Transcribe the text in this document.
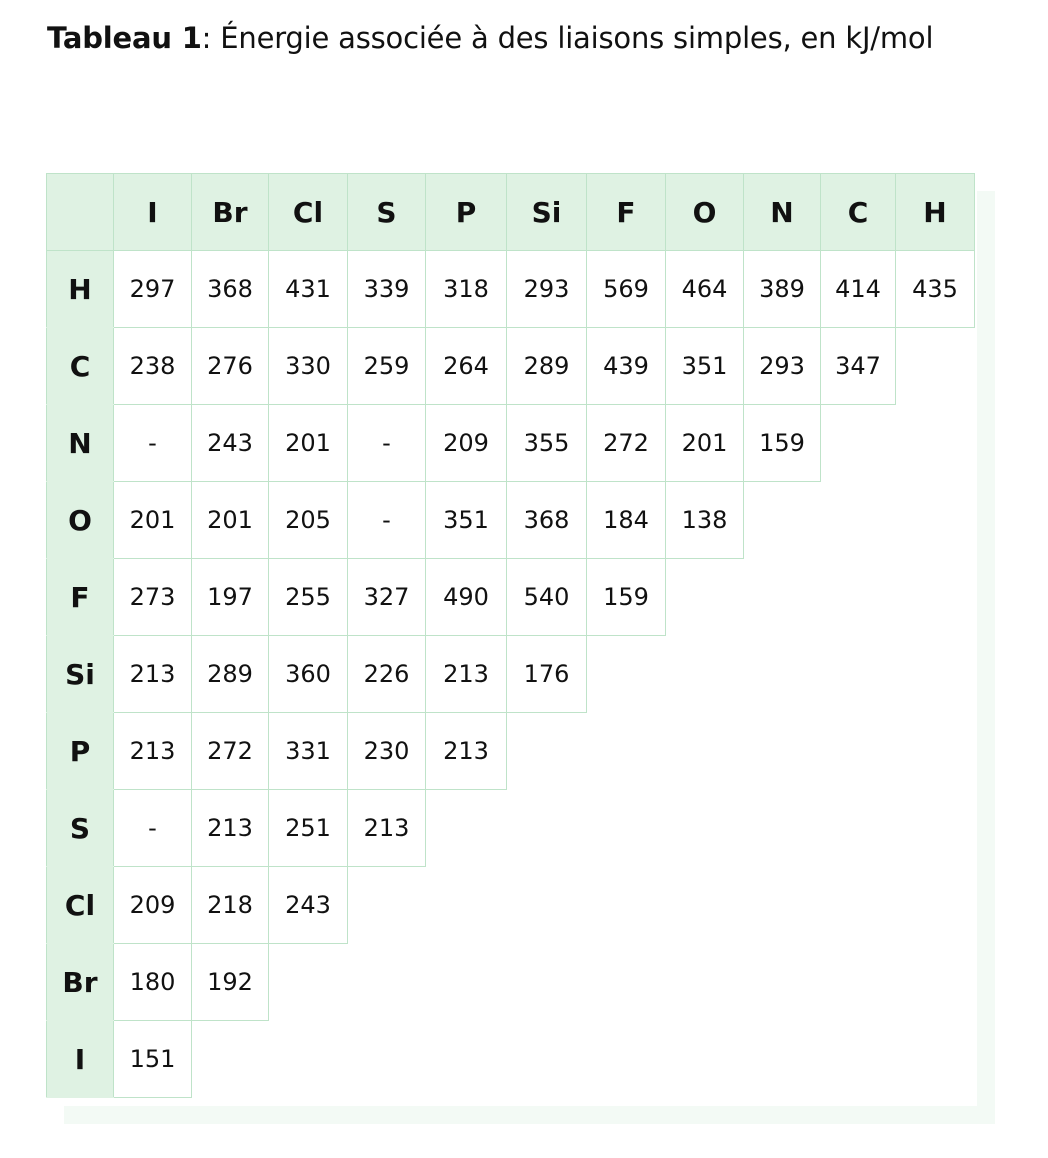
Tableau 1: Énergie associée à des liaisons simples, en kJ/mol
	I	Br	Cl	S	P	Si	F	O	N	C	H
H	297	368	431	339	318	293	569	464	389	414	435
C	238	276	330	259	264	289	439	351	293	347	
N	-	243	201	-	209	355	272	201	159		
O	201	201	205	-	351	368	184	138			
F	273	197	255	327	490	540	159				
Si	213	289	360	226	213	176					
P	213	272	331	230	213						
S	-	213	251	213							
Cl	209	218	243								
Br	180	192									
I	151										
